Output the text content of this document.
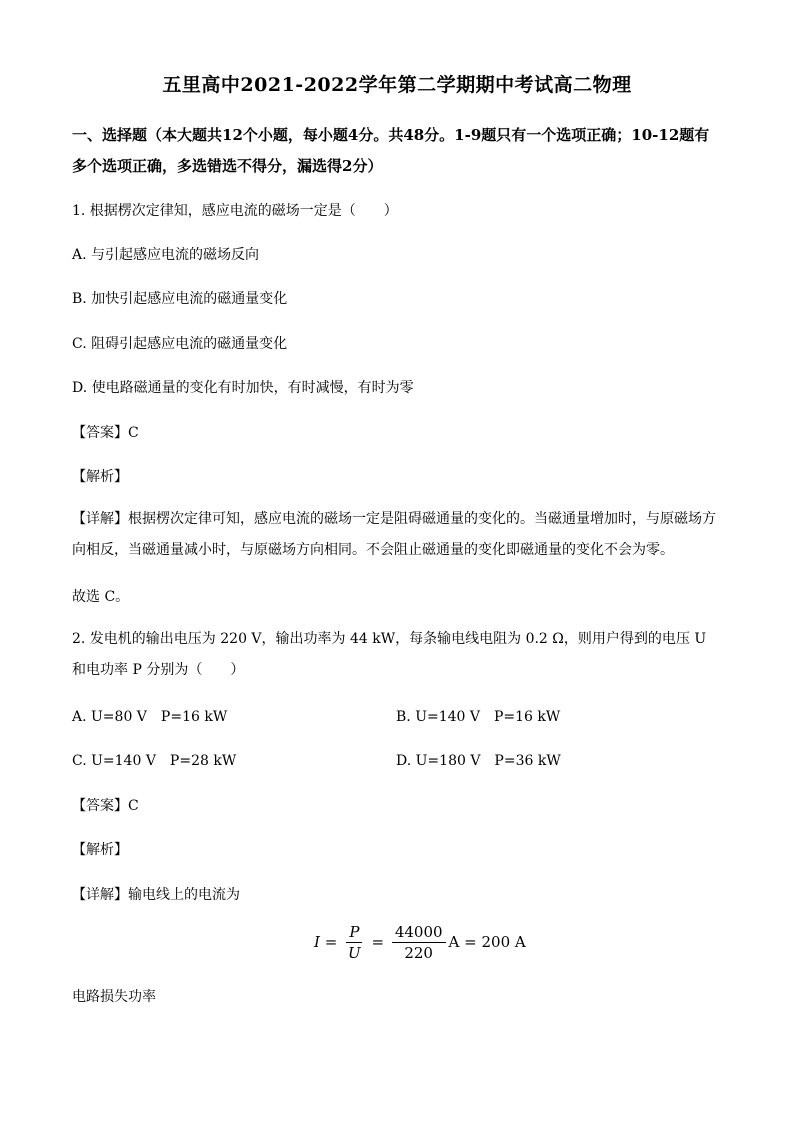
五里高中2021-2022学年第二学期期中考试高二物理
一、选择题（本大题共12个小题，每小题4分。共48分。1-9题只有一个选项正确；10-12题有多个选项正确，多选错选不得分，漏选得2分）
1. 根据楞次定律知，感应电流的磁场一定是（　　）
A. 与引起感应电流的磁场反向
B. 加快引起感应电流的磁通量变化
C. 阻碍引起感应电流的磁通量变化
D. 使电路磁通量的变化有时加快，有时减慢，有时为零
【答案】C
【解析】
【详解】根据楞次定律可知，感应电流的磁场一定是阻碍磁通量的变化的。当磁通量增加时，与原磁场方向相反，当磁通量减小时，与原磁场方向相同。不会阻止磁通量的变化即磁通量的变化不会为零。
故选 C。
2. 发电机的输出电压为 220 V，输出功率为 44 kW，每条输电线电阻为 0.2 Ω，则用户得到的电压 U 和电功率 P 分别为（　　）
A. U=80 V　P=16 kW	B. U=140 V　P=16 kW
C. U=140 V　P=28 kW	D. U=180 V　P=36 kW
【答案】C
【解析】
【详解】输电线上的电流为
$I = \frac{P}{U} = \frac{44000}{220}$ A
= 200 A
电路损失功率
